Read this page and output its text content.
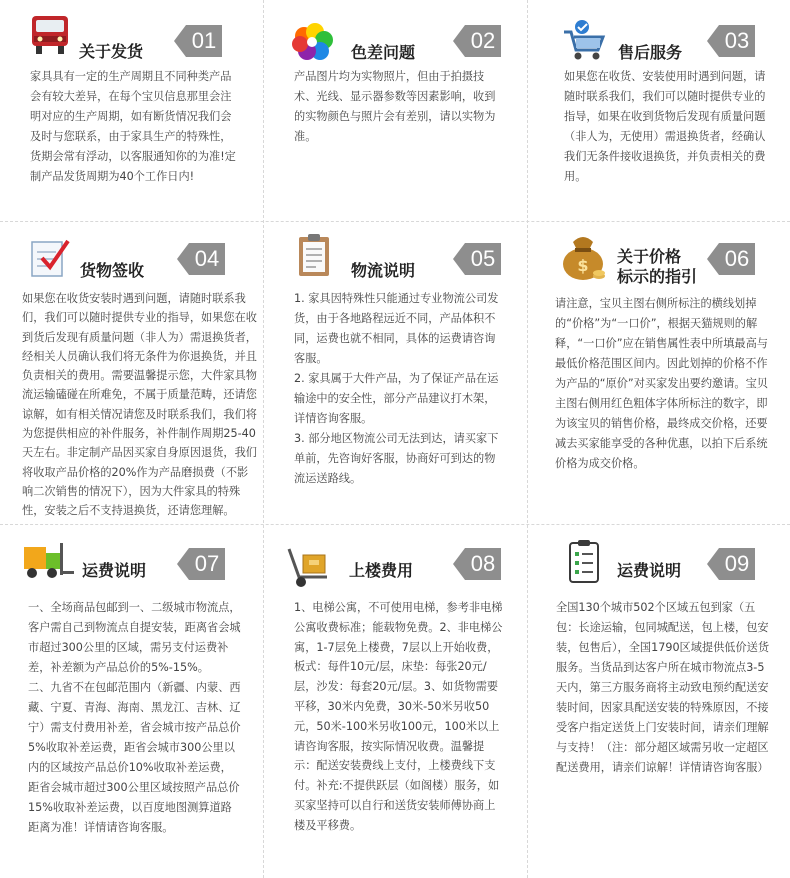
关于发货 01

家具具有一定的生产周期且不同种类产品会有较大差异，在每个宝贝信息那里会注明对应的生产周期，如有断货情况我们会及时与您联系，由于家具生产的特殊性，货期会常有浮动，以客服通知你的为准!定制产品发货周期为40个工作日内!

色差问题	02

产品图片均为实物照片，但由于拍摄技术、光线、显示器参数等因素影响，收到的实物颜色与照片会有差别，请以实物为准。

售后服务 03

如果您在收货、安装使用时遇到问题，请随时联系我们，我们可以随时提供专业的指导，如果在收到货物后发现有质量问题（非人为，无使用）需退换货者，经确认我们无条件接收退换货，并负责相关的费用。

货物签收 04

如果您在收货安装时遇到问题，请随时联系我们，我们可以随时提供专业的指导，如果您在收到货后发现有质量问题（非人为）需退换货者，经相关人员确认我们将无条件为你退换货，并且负责相关的费用。需要温馨提示您，大件家具物流运输磕碰在所难免，不属于质量范畴，还请您谅解，如有相关情况请您及时联系我们，我们将为您提供相应的补件服务，补件制作周期25-40天左右。非定制产品因买家自身原因退货，我们将收取产品价格的20%作为产品磨损费（不影响二次销售的情况下），因为大件家具的特殊性，安装之后不支持退换货，还请您理解。

物流说明	05

1. 家具因特殊性只能通过专业物流公司发货，由于各地路程远近不同，产品体积不同，运费也就不相同，具体的运费请咨询客服。

2. 家具属于大件产品，为了保证产品在运输途中的安全性，部分产品建议打木架，详情咨询客服。

3. 部分地区物流公司无法到达，请买家下单前，先咨询好客服，协商好可到达的物流运送路线。

$ 关于价格
标示的指引
06

请注意，宝贝主图右侧所标注的横线划掉的“价格”为“一口价”，根据天猫规则的解释，“一口价”应在销售属性表中所填最高与最低价格范围区间内。因此划掉的价格不作为产品的“原价”对买家发出要约邀请。宝贝主图右侧用红色粗体字体所标注的数字，即为该宝贝的销售价格，最终成交价格，还要减去买家能享受的各种优惠，以拍下后系统价格为成交价格。

运费说明 07

一、全场商品包邮到一、二级城市物流点，客户需自己到物流点自提安装，距离省会城市超过300公里的区域，需另支付运费补差，补差额为产品总价的5%-15%。

二、九省不在包邮范围内（新疆、内蒙、西藏、宁夏、青海、海南、黑龙江、吉林、辽宁）需支付费用补差，省会城市按产品总价5%收取补差运费，距省会城市300公里以内的区域按产品总价10%收取补差运费，距省会城市超过300公里区域按照产品总价15%收取补差运费，以百度地图测算道路距离为准！详情请咨询客服。

上楼费用	08

1、电梯公寓，不可使用电梯，参考非电梯公寓收费标准；能载物免费。2、非电梯公寓，1-7层免上楼费，7层以上开始收费，板式：每件10元/层，床垫：每张20元/层，沙发：每套20元/层。3、如货物需要平移，30米内免费，30米-50米另收50元，50米-100米另收100元，100米以上请咨询客服，按实际情况收费。温馨提示：配送安装费线上支付，上楼费线下支付。补充:不提供跃层（如阁楼）服务，如买家坚持可以自行和送货安装师傅协商上楼及平移费。

运费说明 09

全国130个城市502个区域五包到家（五包：长途运输，包同城配送，包上楼，包安装，包售后），全国1790区域提供低价送货服务。当货品到达客户所在城市物流点3-5天内，第三方服务商将主动致电预约配送安装时间，因家具配送安装的特殊原因，不接受客户指定送货上门安装时间，请亲们理解与支持！（注：部分超区域需另收一定超区配送费用，请亲们谅解！详情请咨询客服）
